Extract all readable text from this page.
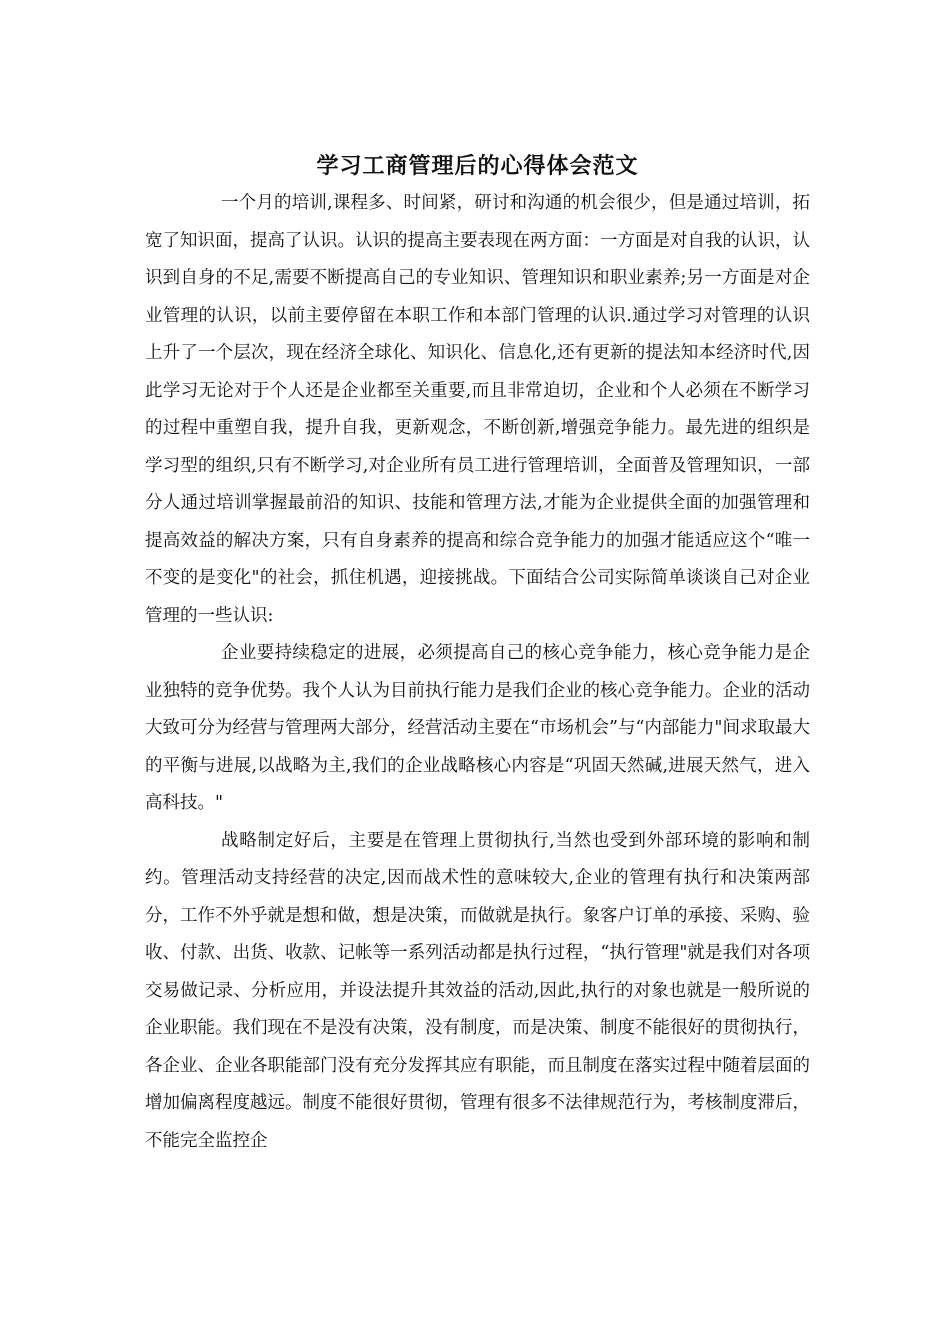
学习工商管理后的心得体会范文

一个月的培训,课程多、时间紧，研讨和沟通的机会很少，但是通过培训，拓宽了知识面，提高了认识。认识的提高主要表现在两方面：一方面是对自我的认识，认识到自身的不足,需要不断提高自己的专业知识、管理知识和职业素养;另一方面是对企业管理的认识，以前主要停留在本职工作和本部门管理的认识.通过学习对管理的认识上升了一个层次，现在经济全球化、知识化、信息化,还有更新的提法知本经济时代,因此学习无论对于个人还是企业都至关重要,而且非常迫切，企业和个人必须在不断学习的过程中重塑自我，提升自我，更新观念，不断创新,增强竞争能力。最先进的组织是学习型的组织,只有不断学习,对企业所有员工进行管理培训，全面普及管理知识，一部分人通过培训掌握最前沿的知识、技能和管理方法,才能为企业提供全面的加强管理和提高效益的解决方案，只有自身素养的提高和综合竞争能力的加强才能适应这个“唯一不变的是变化"的社会，抓住机遇，迎接挑战。下面结合公司实际简单谈谈自己对企业管理的一些认识:

企业要持续稳定的进展，必须提高自己的核心竞争能力，核心竞争能力是企业独特的竞争优势。我个人认为目前执行能力是我们企业的核心竞争能力。企业的活动大致可分为经营与管理两大部分，经营活动主要在“市场机会”与“内部能力"间求取最大的平衡与进展,以战略为主,我们的企业战略核心内容是“巩固天然碱,进展天然气，进入高科技。"

战略制定好后，主要是在管理上贯彻执行,当然也受到外部环境的影响和制约。管理活动支持经营的决定,因而战术性的意味较大,企业的管理有执行和决策两部分，工作不外乎就是想和做，想是决策，而做就是执行。象客户订单的承接、采购、验收、付款、出货、收款、记帐等一系列活动都是执行过程，“执行管理"就是我们对各项交易做记录、分析应用，并设法提升其效益的活动,因此,执行的对象也就是一般所说的企业职能。我们现在不是没有决策，没有制度，而是决策、制度不能很好的贯彻执行，各企业、企业各职能部门没有充分发挥其应有职能，而且制度在落实过程中随着层面的增加偏离程度越远。制度不能很好贯彻，管理有很多不法律规范行为，考核制度滞后，不能完全监控企
